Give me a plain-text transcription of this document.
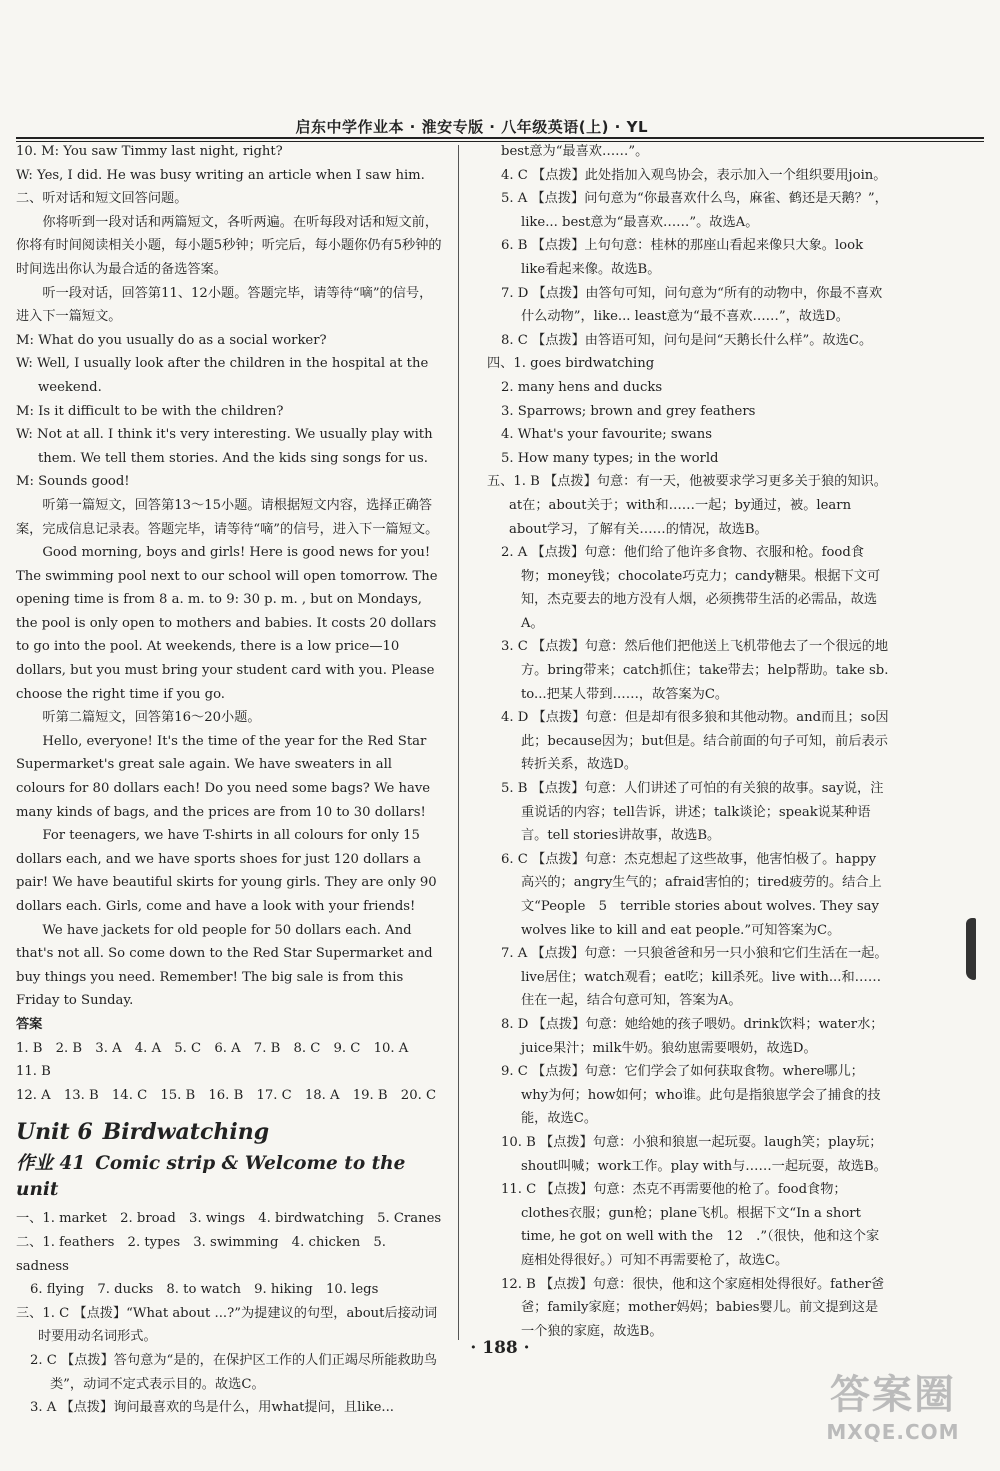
启东中学作业本 · 淮安专版 · 八年级英语(上) · YL

10. M: You saw Timmy last night, right?

W: Yes, I did. He was busy writing an article when I saw him.

二、听对话和短文回答问题。

你将听到一段对话和两篇短文，各听两遍。在听每段对话和短文前，你将有时间阅读相关小题，每小题5秒钟；听完后，每小题你仍有5秒钟的时间选出你认为最合适的备选答案。

听一段对话，回答第11、12小题。答题完毕，请等待“嘀”的信号，进入下一篇短文。

M: What do you usually do as a social worker?

W: Well, I usually look after the children in the hospital at the weekend.

M: Is it difficult to be with the children?

W: Not at all. I think it's very interesting. We usually play with them. We tell them stories. And the kids sing songs for us.

M: Sounds good!

听第一篇短文，回答第13～15小题。请根据短文内容，选择正确答案，完成信息记录表。答题完毕，请等待“嘀”的信号，进入下一篇短文。

Good morning, boys and girls! Here is good news for you! The swimming pool next to our school will open tomorrow. The opening time is from 8 a. m. to 9: 30 p. m. , but on Mondays, the pool is only open to mothers and babies. It costs 20 dollars to go into the pool. At weekends, there is a low price—10 dollars, but you must bring your student card with you. Please choose the right time if you go.

听第二篇短文，回答第16～20小题。

Hello, everyone! It's the time of the year for the Red Star Supermarket's great sale again. We have sweaters in all colours for 80 dollars each! Do you need some bags? We have many kinds of bags, and the prices are from 10 to 30 dollars!

For teenagers, we have T-shirts in all colours for only 15 dollars each, and we have sports shoes for just 120 dollars a pair! We have beautiful skirts for young girls. They are only 90 dollars each. Girls, come and have a look with your friends!

We have jackets for old people for 50 dollars each. And that's not all. So come down to the Red Star Supermarket and buy things you need. Remember! The big sale is from this Friday to Sunday.

答案

1. B　2. B　3. A　4. A　5. C　6. A　7. B　8. C　9. C　10. A　11. B

12. A　13. B　14. C　15. B　16. B　17. C　18. A　19. B　20. C

Unit 6 Birdwatching
作业 41 Comic strip & Welcome to the unit

一、1. market　2. broad　3. wings　4. birdwatching　5. Cranes

二、1. feathers　2. types　3. swimming　4. chicken　5. sadness

6. flying　7. ducks　8. to watch　9. hiking　10. legs

三、1. C 【点拨】“What about ...?”为提建议的句型，about后接动词时要用动名词形式。

2. C 【点拨】答句意为“是的，在保护区工作的人们正竭尽所能救助鸟类”，动词不定式表示目的。故选C。

3. A 【点拨】询问最喜欢的鸟是什么，用what提问，且like...

best意为“最喜欢……”。

4. C 【点拨】此处指加入观鸟协会，表示加入一个组织要用join。

5. A 【点拨】问句意为“你最喜欢什么鸟，麻雀、鹤还是天鹅？”，like... best意为“最喜欢……”。故选A。

6. B 【点拨】上句句意：桂林的那座山看起来像只大象。look like看起来像。故选B。

7. D 【点拨】由答句可知，问句意为“所有的动物中，你最不喜欢什么动物”，like... least意为“最不喜欢……”，故选D。

8. C 【点拨】由答语可知，问句是问“天鹅长什么样”。故选C。

四、1. goes birdwatching

2. many hens and ducks

3. Sparrows; brown and grey feathers

4. What's your favourite; swans

5. How many types; in the world

五、1. B 【点拨】句意：有一天，他被要求学习更多关于狼的知识。at在；about关于；with和……一起；by通过，被。learn about学习，了解有关……的情况，故选B。

2. A 【点拨】句意：他们给了他许多食物、衣服和枪。food食物；money钱；chocolate巧克力；candy糖果。根据下文可知，杰克要去的地方没有人烟，必须携带生活的必需品，故选A。

3. C 【点拨】句意：然后他们把他送上飞机带他去了一个很远的地方。bring带来；catch抓住；take带去；help帮助。take sb. to...把某人带到……，故答案为C。

4. D 【点拨】句意：但是却有很多狼和其他动物。and而且；so因此；because因为；but但是。结合前面的句子可知，前后表示转折关系，故选D。

5. B 【点拨】句意：人们讲述了可怕的有关狼的故事。say说，注重说话的内容；tell告诉，讲述；talk谈论；speak说某种语言。tell stories讲故事，故选B。

6. C 【点拨】句意：杰克想起了这些故事，他害怕极了。happy高兴的；angry生气的；afraid害怕的；tired疲劳的。结合上文“People　5　terrible stories about wolves. They say wolves like to kill and eat people.”可知答案为C。

7. A 【点拨】句意：一只狼爸爸和另一只小狼和它们生活在一起。live居住；watch观看；eat吃；kill杀死。live with...和……住在一起，结合句意可知，答案为A。

8. D 【点拨】句意：她给她的孩子喂奶。drink饮料；water水；juice果汁；milk牛奶。狼幼崽需要喂奶，故选D。

9. C 【点拨】句意：它们学会了如何获取食物。where哪儿；why为何；how如何；who谁。此句是指狼崽学会了捕食的技能，故选C。

10. B 【点拨】句意：小狼和狼崽一起玩耍。laugh笑；play玩；shout叫喊；work工作。play with与……一起玩耍，故选B。

11. C 【点拨】句意：杰克不再需要他的枪了。food食物；clothes衣服；gun枪；plane飞机。根据下文“In a short time, he got on well with the　12　.”（很快，他和这个家庭相处得很好。）可知不再需要枪了，故选C。

12. B 【点拨】句意：很快，他和这个家庭相处得很好。father爸爸；family家庭；mother妈妈；babies婴儿。前文提到这是一个狼的家庭，故选B。

· 188 ·
答案圈
MXQE.COM
